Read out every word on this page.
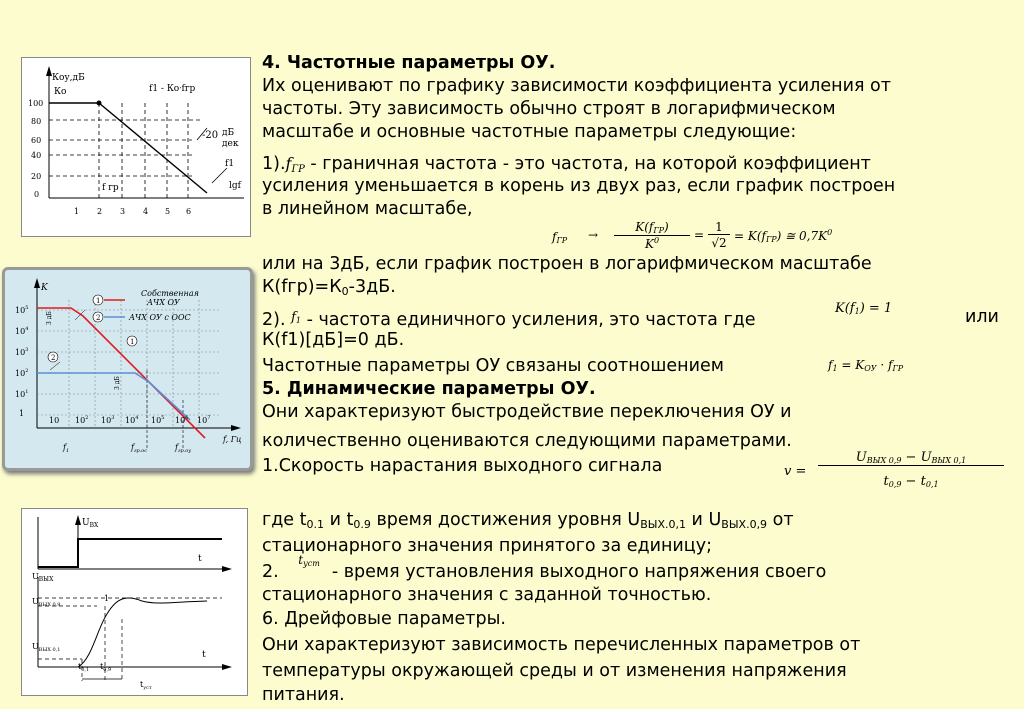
Коу,дБ
Ко	f1 - Коᐧfгр
-20 дБ
дек
f1
lgf
f гр
100
80
60
40
20
0
1 2 3 4 5 6
1
2
1
2
Собственная
АЧХ ОУ
АЧХ ОУ с ООС
K
3 дБ
3 дБ
$10^5$
$10^4$
$10^3$
$10^2$
$10^1$
1
10 $10^2$ $10^3$ $10^4$ $10^5$ $10^6$ $10^7$
f, Гц
$f_1$	$f_{гр.ос}$	$f_{гр.оу}$
$U_{ВХ}$
t
$U_{ВЫХ}$
$U_{ВЫХ 0,9}$
$U_{ВЫХ 0,1}$
1
t
$t_{0,1}$ $t_{0,9}$
$t_{уст}$
4. Частотные параметры ОУ.
Их оценивают по графику зависимости коэффициента усиления от
частоты. Эту зависимость обычно строят в логарифмическом
масштабе и основные частотные параметры следующие:
1).fГР - граничная частота - это частота, на которой коэффициент
усиления уменьшается в корень из двух раз, если график построен
в линейном масштабе,
fГР →
K(fГР)
$K^0$	=
1
√2 = K(fГР) ≅ $0,7K^0$
или на 3дБ, если график построен в логарифмическом масштабе
$К(fгр)=К_0-3дБ$.
2). $^{f1}$ - частота единичного усиления, это частота где
K(f1) = 1	или
К(f1)[дБ]=0 дБ.
Частотные параметры ОУ связаны соотношением	f1 = KОУ · fГР
5. Динамические параметры ОУ.
Они характеризуют быстродействие переключения ОУ и
количественно оцениваются следующими параметрами.
1.Скорость нарастания выходного сигнала	v =
UВЫХ 0,9 − UВЫХ 0,1
t0,9 − t0,1
где $t_{0.1}$ и $t_{0.9}$ время достижения уровня $U_{ВЫХ.0,1}$ и $U_{ВЫХ.0,9}$ от
стационарного значения принятого за единицу;
2.
tуст - время установления выходного напряжения своего
стационарного значения с заданной точностью.
6. Дрейфовые параметры.
Они характеризуют зависимость перечисленных параметров от
температуры окружающей среды и от изменения напряжения
питания.
